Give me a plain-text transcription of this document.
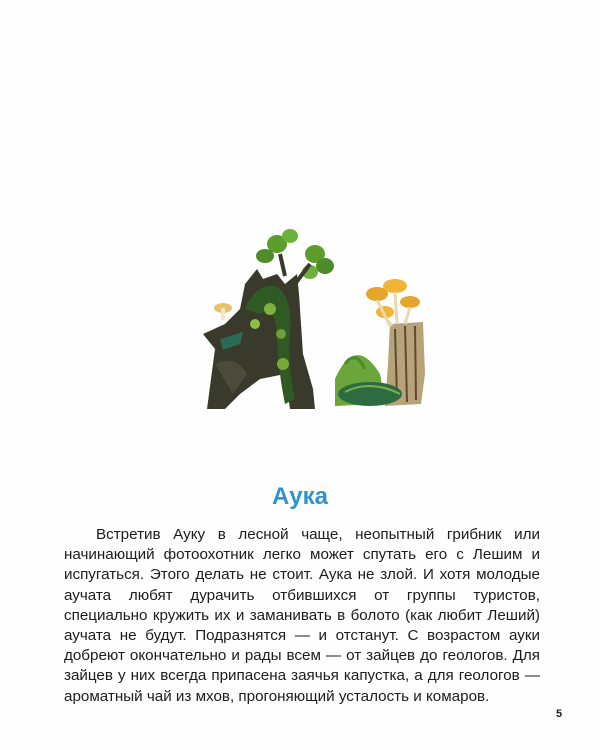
Аука

Встретив Ауку в лесной чаще, неопытный грибник или начинающий фотоохотник легко может спутать его с Лешим и испугаться. Этого делать не стоит. Аука не злой. И хотя молодые аучата любят дурачить отбившихся от группы туристов, специально кружить их и заманивать в болото (как любит Леший) аучата не будут. Подразнятся — и отстанут. С возрастом ауки добреют окончательно и рады всем — от зайцев до геологов. Для зайцев у них всегда припасена заячья капустка, а для геологов — ароматный чай из мхов, прогоняющий усталость и комаров.

5
